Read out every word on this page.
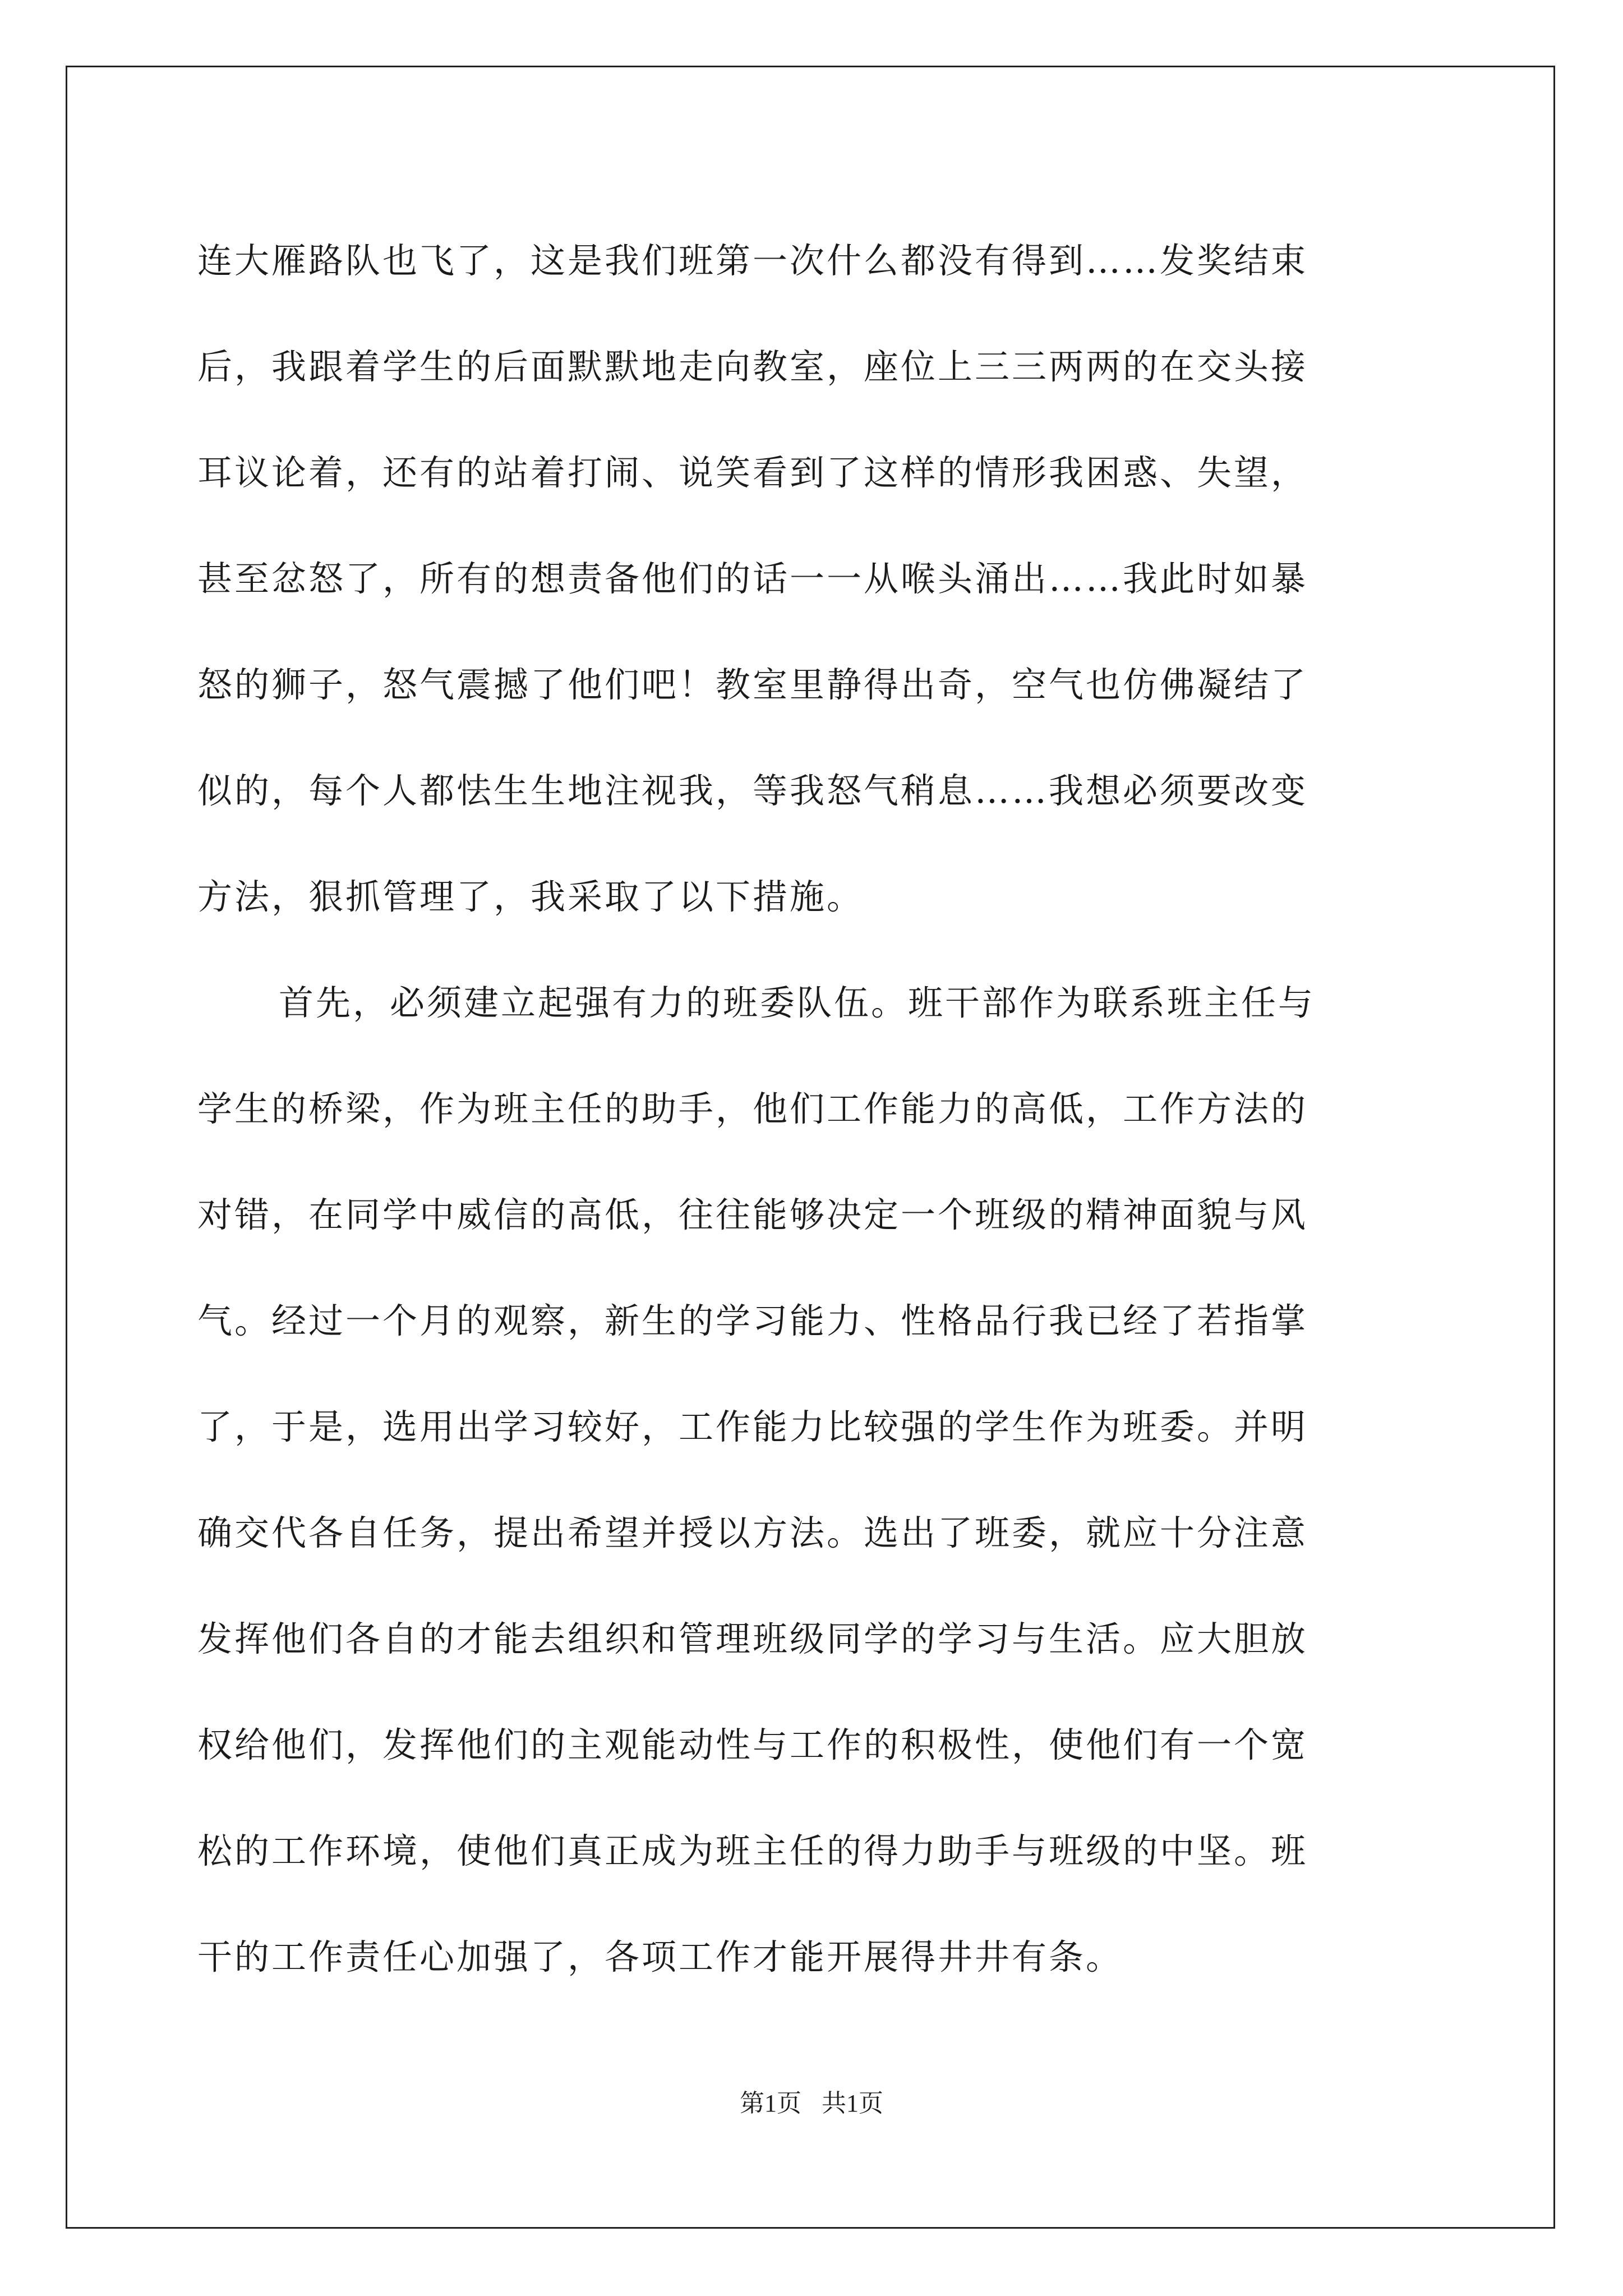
连大雁路队也飞了，这是我们班第一次什么都没有得到……发奖结束
后，我跟着学生的后面默默地走向教室，座位上三三两两的在交头接
耳议论着，还有的站着打闹、说笑看到了这样的情形我困惑、失望，
甚至忿怒了，所有的想责备他们的话一一从喉头涌出……我此时如暴
怒的狮子，怒气震撼了他们吧！教室里静得出奇，空气也仿佛凝结了
似的，每个人都怯生生地注视我，等我怒气稍息……我想必须要改变
方法，狠抓管理了，我采取了以下措施。
首先，必须建立起强有力的班委队伍。班干部作为联系班主任与
学生的桥梁，作为班主任的助手，他们工作能力的高低，工作方法的
对错，在同学中威信的高低，往往能够决定一个班级的精神面貌与风
气。经过一个月的观察，新生的学习能力、性格品行我已经了若指掌
了，于是，选用出学习较好，工作能力比较强的学生作为班委。并明
确交代各自任务，提出希望并授以方法。选出了班委，就应十分注意
发挥他们各自的才能去组织和管理班级同学的学习与生活。应大胆放
权给他们，发挥他们的主观能动性与工作的积极性，使他们有一个宽
松的工作环境，使他们真正成为班主任的得力助手与班级的中坚。班
干的工作责任心加强了，各项工作才能开展得井井有条。
第1页 共1页
